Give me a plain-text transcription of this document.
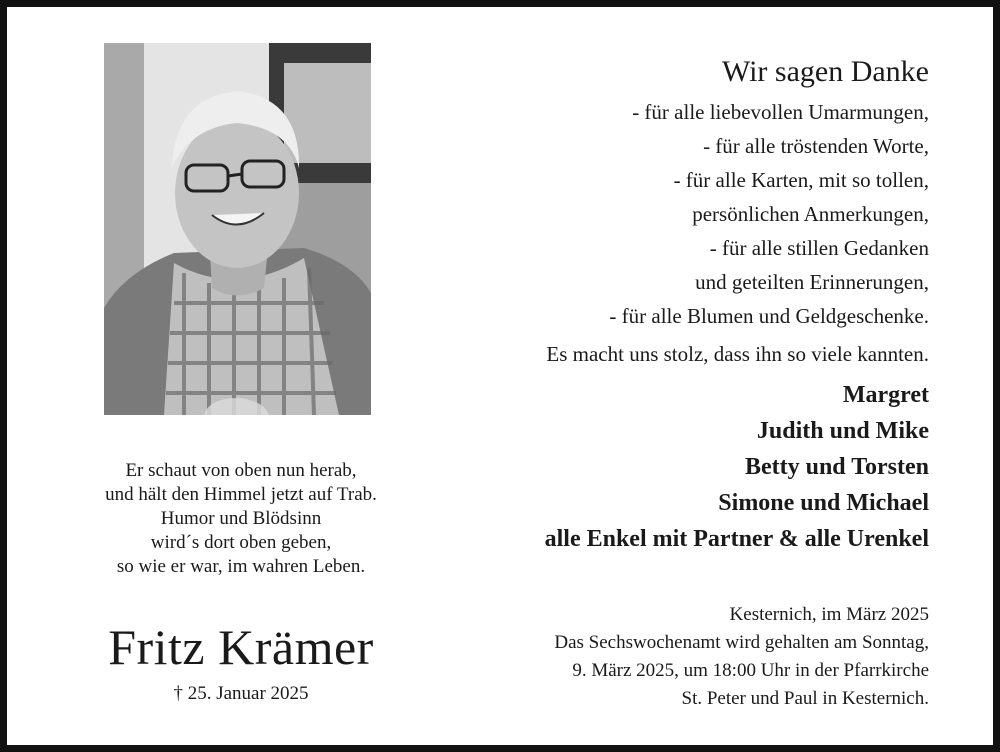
Er schaut von oben nun herab,
und hält den Himmel jetzt auf Trab.
Humor und Blödsinn
wird´s dort oben geben,
so wie er war, im wahren Leben.
Fritz Krämer
† 25. Januar 2025
Wir sagen Danke
- für alle liebevollen Umarmungen,
- für alle tröstenden Worte,
- für alle Karten, mit so tollen,
persönlichen Anmerkungen,
- für alle stillen Gedanken
und geteilten Erinnerungen,
- für alle Blumen und Geldgeschenke.
Es macht uns stolz, dass ihn so viele kannten.
Margret
Judith und Mike
Betty und Torsten
Simone und Michael
alle Enkel mit Partner & alle Urenkel
Kesternich, im März 2025
Das Sechswochenamt wird gehalten am Sonntag,
9. März 2025, um 18:00 Uhr in der Pfarrkirche
St. Peter und Paul in Kesternich.
